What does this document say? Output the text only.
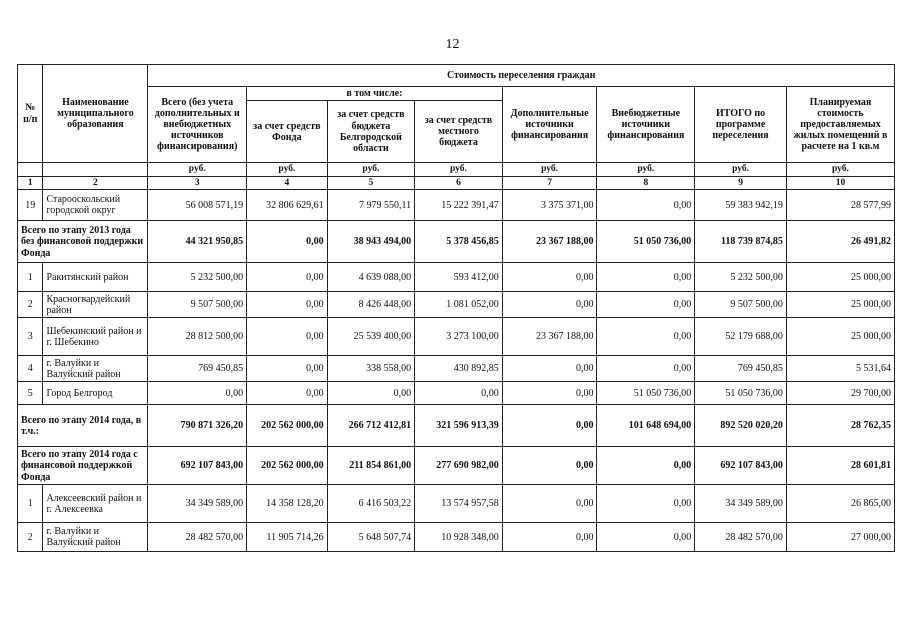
12
№ п/п	Наименование муниципального образования	Стоимость переселения граждан							
		Всего (без учета дополнительных и внебюджетных источников финансирования)	в том числе:			Дополнительные источники финансирования	Внебюджетные источники финансирования	ИТОГО по программе переселения	Планируемая стоимость предоставляемых жилых помещений в расчете на 1 кв.м
			за счет средств Фонда	за счет средств бюджета Белгородской области	за счет средств местного бюджета				
		руб.	руб.	руб.	руб.	руб.	руб.	руб.	руб.
1	2	3	4	5	6	7	8	9	10
19	Староoскольский городской округ	56 008 571,19	32 806 629,61	7 979 550,11	15 222 391,47	3 375 371,00	0,00	59 383 942,19	28 577,99
Всего по этапу 2013 года без финансовой поддержки Фонда		44 321 950,85	0,00	38 943 494,00	5 378 456,85	23 367 188,00	51 050 736,00	118 739 874,85	26 491,82
1	Ракитянский район	5 232 500,00	0,00	4 639 088,00	593 412,00	0,00	0,00	5 232 500,00	25 000,00
2	Красногвардейский район	9 507 500,00	0,00	8 426 448,00	1 081 052,00	0,00	0,00	9 507 500,00	25 000,00
3	Шебекинский район и г. Шебекино	28 812 500,00	0,00	25 539 400,00	3 273 100,00	23 367 188,00	0,00	52 179 688,00	25 000,00
4	г. Валуйки и Валуйский район	769 450,85	0,00	338 558,00	430 892,85	0,00	0,00	769 450,85	5 531,64
5	Город Белгород	0,00	0,00	0,00	0,00	0,00	51 050 736,00	51 050 736,00	29 700,00
Всего по этапу 2014 года, в т.ч.:		790 871 326,20	202 562 000,00	266 712 412,81	321 596 913,39	0,00	101 648 694,00	892 520 020,20	28 762,35
Всего по этапу 2014 года с финансовой поддержкой Фонда		692 107 843,00	202 562 000,00	211 854 861,00	277 690 982,00	0,00	0,00	692 107 843,00	28 601,81
1	Алексеевский район и г. Алексеевка	34 349 589,00	14 358 128,20	6 416 503,22	13 574 957,58	0,00	0,00	34 349 589,00	26 865,00
2	г. Валуйки и Валуйский район	28 482 570,00	11 905 714,26	5 648 507,74	10 928 348,00	0,00	0,00	28 482 570,00	27 000,00
